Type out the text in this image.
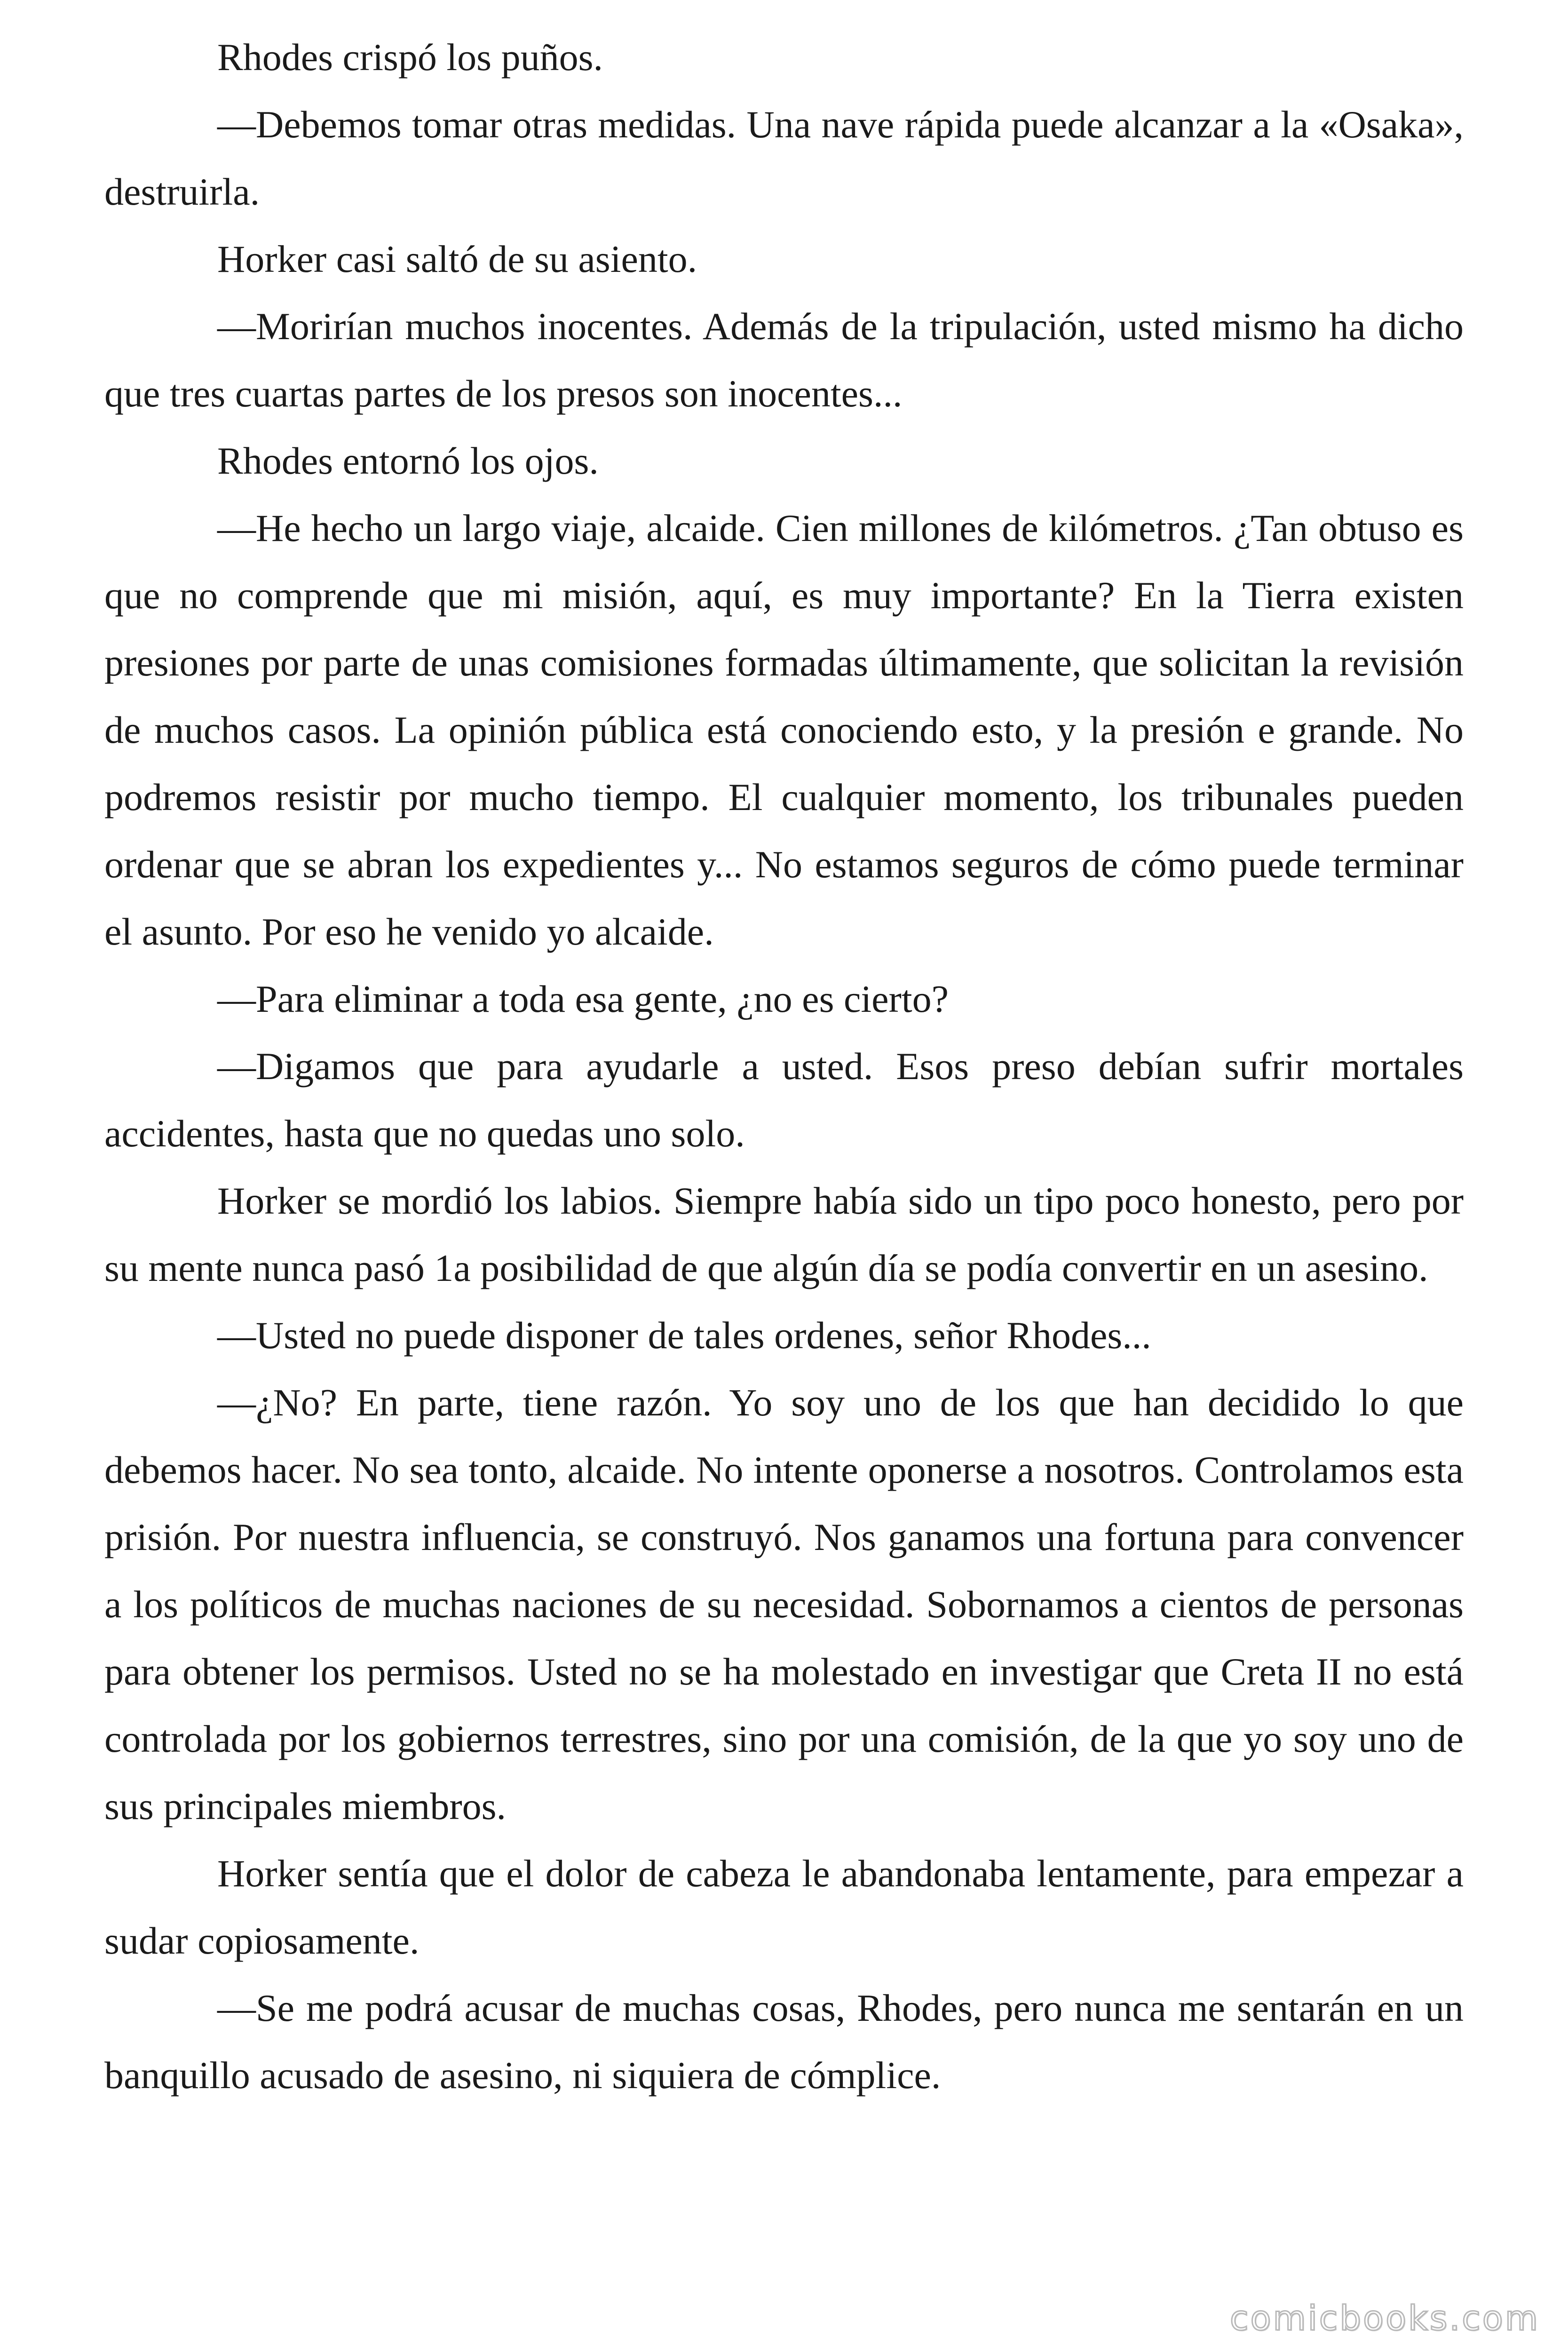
Rhodes crispó los puños.

—Debemos tomar otras medidas. Una nave rápida puede alcanzar a la «Osaka», destruirla.

Horker casi saltó de su asiento.

—Morirían muchos inocentes. Además de la tripulación, usted mismo ha dicho que tres cuartas partes de los presos son inocentes...

Rhodes entornó los ojos.

—He hecho un largo viaje, alcaide. Cien millones de kilómetros. ¿Tan obtuso es que no comprende que mi misión, aquí, es muy importante? En la Tierra existen presiones por parte de unas comisiones formadas últimamente, que solicitan la revisión de muchos casos. La opinión pública está conociendo esto, y la presión e grande. No podremos resistir por mucho tiempo. El cualquier momento, los tribunales pueden ordenar que se abran los expedientes y... No estamos seguros de cómo puede terminar el asunto. Por eso he venido yo alcaide.

—Para eliminar a toda esa gente, ¿no es cierto?

—Digamos que para ayudarle a usted. Esos preso debían sufrir mortales accidentes, hasta que no quedas uno solo.

Horker se mordió los labios. Siempre había sido un tipo poco honesto, pero por su mente nunca pasó 1a posibilidad de que algún día se podía convertir en un asesino.

—Usted no puede disponer de tales ordenes, señor Rhodes...

—¿No? En parte, tiene razón. Yo soy uno de los que han decidido lo que debemos hacer. No sea tonto, alcaide. No intente oponerse a nosotros. Controlamos esta prisión. Por nuestra influencia, se construyó. Nos ganamos una fortuna para convencer a los políticos de muchas naciones de su necesidad. Sobornamos a cientos de personas para obtener los permisos. Usted no se ha molestado en investigar que Creta II no está controlada por los gobiernos terrestres, sino por una comisión, de la que yo soy uno de sus principales miembros.

Horker sentía que el dolor de cabeza le abandonaba lentamente, para empezar a sudar copiosamente.

—Se me podrá acusar de muchas cosas, Rhodes, pero nunca me sentarán en un banquillo acusado de asesino, ni siquiera de cómplice.

comicbooks.com
